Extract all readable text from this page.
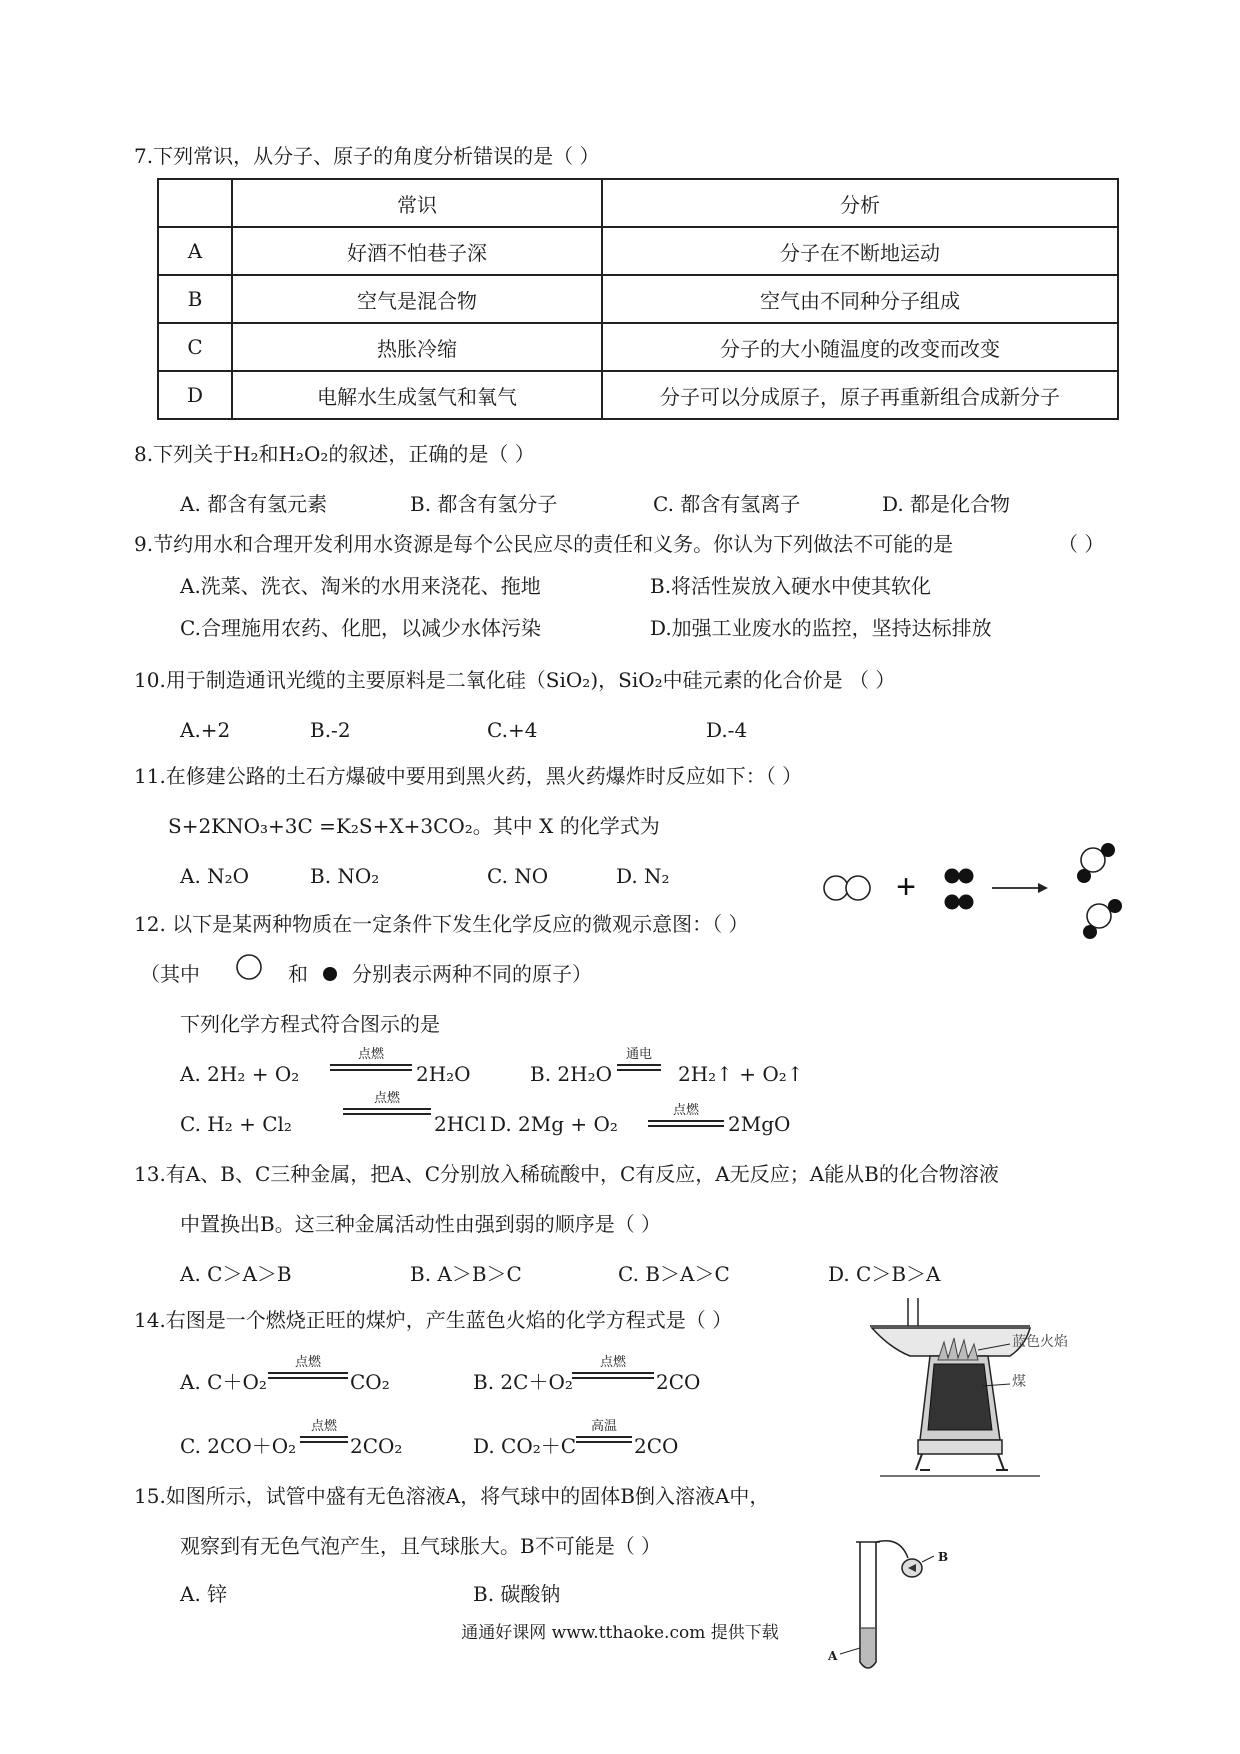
7.下列常识，从分子、原子的角度分析错误的是（ ）
	常识	分析
A	好酒不怕巷子深	分子在不断地运动
B	空气是混合物	空气由不同种分子组成
C	热胀冷缩	分子的大小随温度的改变而改变
D	电解水生成氢气和氧气	分子可以分成原子，原子再重新组合成新分子
8.下列关于H₂和H₂O₂的叙述，正确的是（ ）
A. 都含有氢元素	B. 都含有氢分子	C. 都含有氢离子	D. 都是化合物
9.节约用水和合理开发利用水资源是每个公民应尽的责任和义务。你认为下列做法不可能的是	（ ）
A.洗菜、洗衣、淘米的水用来浇花、拖地	B.将活性炭放入硬水中使其软化
C.合理施用农药、化肥，以减少水体污染	D.加强工业废水的监控，坚持达标排放
10.用于制造通讯光缆的主要原料是二氧化硅（SiO₂)，SiO₂中硅元素的化合价是 （ ）
A.+2	B.-2	C.+4	D.-4
11.在修建公路的土石方爆破中要用到黑火药，黑火药爆炸时反应如下：（ ）
S+2KNO₃+3C =K₂S+X+3CO₂。其中 X 的化学式为
A. N₂O	B. NO₂	C. NO	D. N₂	+
12. 以下是某两种物质在一定条件下发生化学反应的微观示意图：（ ）
（其中	和 分别表示两种不同的原子）
下列化学方程式符合图示的是
A. 2H₂ + O₂
点燃
2H₂O	B. 2H₂O
通电
2H₂↑ + O₂↑
C. H₂ + Cl₂
点燃
2HCl D. 2Mg + O₂
点燃
2MgO
13.有A、B、C三种金属，把A、C分别放入稀硫酸中，C有反应，A无反应；A能从B的化合物溶液
中置换出B。这三种金属活动性由强到弱的顺序是（ ）
A. C＞A＞B	B. A＞B＞C	C. B＞A＞C	D. C＞B＞A
14.右图是一个燃烧正旺的煤炉，产生蓝色火焰的化学方程式是（ ）
A. C＋O₂
点燃
CO₂	B. 2C＋O₂
点燃
2CO
C. 2CO＋O₂
点燃
2CO₂	D. CO₂＋C
高温
2CO
蓝色火焰
煤
15.如图所示，试管中盛有无色溶液A，将气球中的固体B倒入溶液A中，
观察到有无色气泡产生，且气球胀大。B不可能是（ ）
A. 锌	B. 碳酸钠
B
A
通通好课网 www.tthaoke.com 提供下载
